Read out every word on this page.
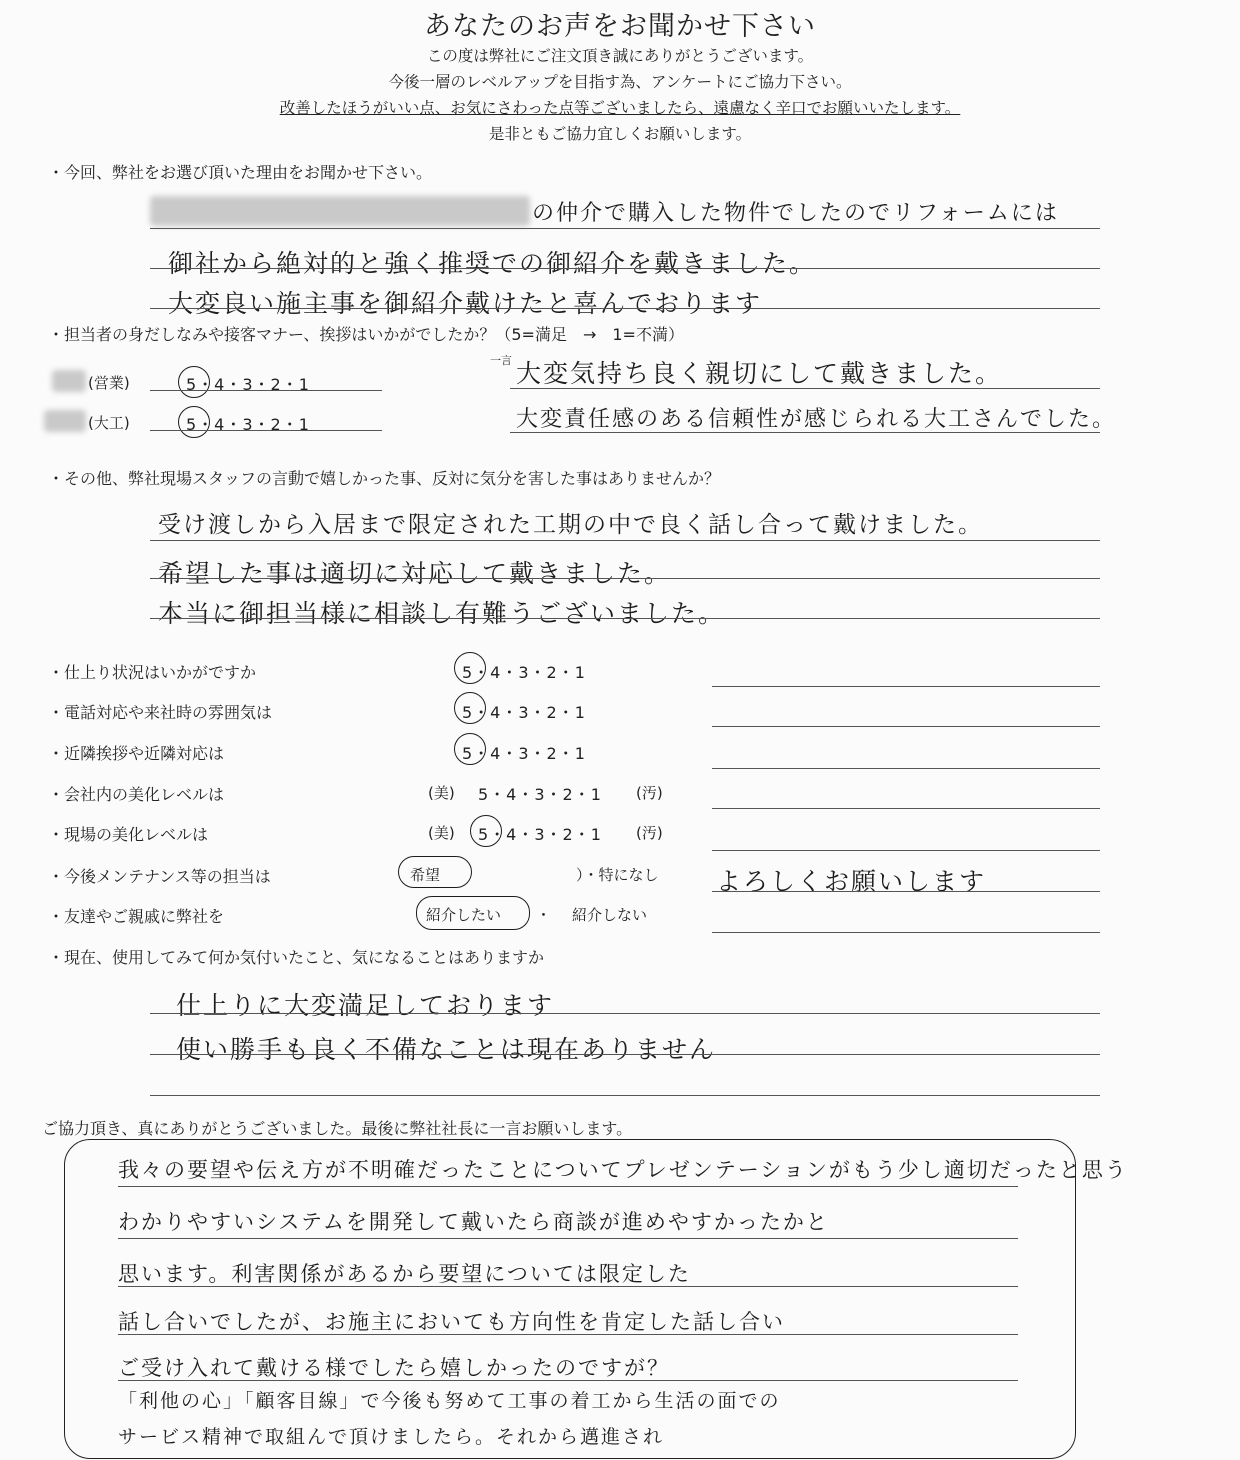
あなたのお声をお聞かせ下さい
この度は弊社にご注文頂き誠にありがとうございます。
今後一層のレベルアップを目指す為、アンケートにご協力下さい。
改善したほうがいい点、お気にさわった点等ございましたら、遠慮なく辛口でお願いいたします。
是非ともご協力宜しくお願いします。
・今回、弊社をお選び頂いた理由をお聞かせ下さい。
の仲介で購入した物件でしたのでリフォームには
御社から絶対的と強く推奨での御紹介を戴きました。
大変良い施主事を御紹介戴けたと喜んでおります
・担当者の身だしなみや接客マナー、挨拶はいかがでしたか？（5=満足　→　1=不満）
(営業)	5・4・3・2・1
(大工)	5・4・3・2・1
一言 大変気持ち良く親切にして戴きました。
大変責任感のある信頼性が感じられる大工さんでした。
・その他、弊社現場スタッフの言動で嬉しかった事、反対に気分を害した事はありませんか？
受け渡しから入居まで限定された工期の中で良く話し合って戴けました。
希望した事は適切に対応して戴きました。
本当に御担当様に相談し有難うございました。
・仕上り状況はいかがですか	5・4・3・2・1
・電話対応や来社時の雰囲気は	5・4・3・2・1
・近隣挨拶や近隣対応は	5・4・3・2・1
・会社内の美化レベルは	(美) 5・4・3・2・1 (汚)
・現場の美化レベルは	(美) 5・4・3・2・1 (汚)
・今後メンテナンス等の担当は	希望	）・特になし よろしくお願いします
・友達やご親戚に弊社を	紹介したい ・ 紹介しない
・現在、使用してみて何か気付いたこと、気になることはありますか
仕上りに大変満足しております
使い勝手も良く不備なことは現在ありません
ご協力頂き、真にありがとうございました。最後に弊社社長に一言お願いします。
我々の要望や伝え方が不明確だったことについてプレゼンテーションがもう少し適切だったと思う
わかりやすいシステムを開発して戴いたら商談が進めやすかったかと
思います。利害関係があるから要望については限定した
話し合いでしたが、お施主においても方向性を肯定した話し合い
ご受け入れて戴ける様でしたら嬉しかったのですが？
「利他の心」「顧客目線」で今後も努めて工事の着工から生活の面での
サービス精神で取組んで頂けましたら。それから邁進され
